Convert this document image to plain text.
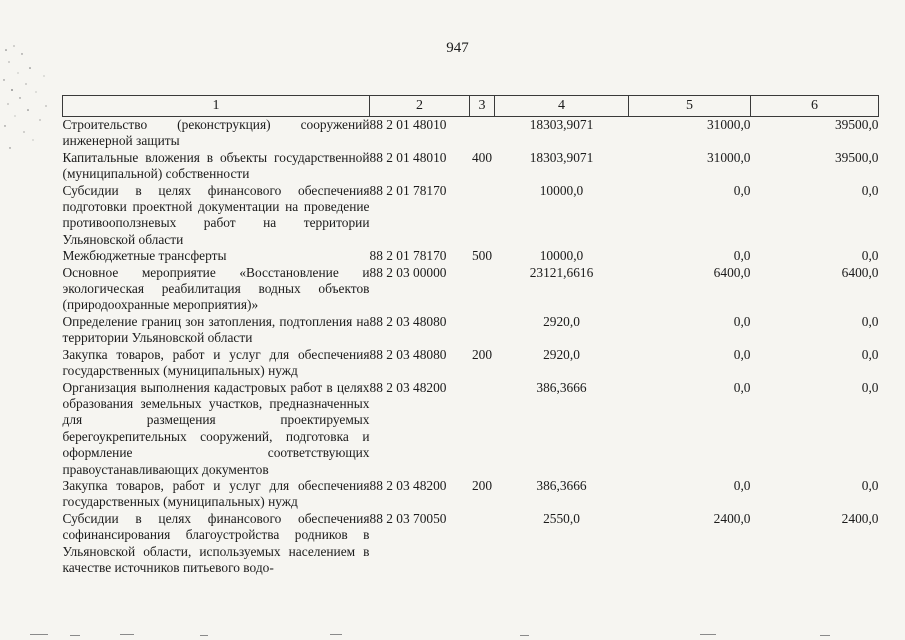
947
1	2	3	4	5	6
Строительство (реконструкция) сооружений инженерной защиты	88 2 01 48010		18303,9071	31000,0	39500,0
Капитальные вложения в объекты государственной (муниципальной) собственности	88 2 01 48010	400	18303,9071	31000,0	39500,0
Субсидии в целях финансового обеспечения подготовки проектной документации на проведение противооползневых работ на территории Ульяновской области	88 2 01 78170		10000,0	0,0	0,0
Межбюджетные трансферты	88 2 01 78170	500	10000,0	0,0	0,0
Основное мероприятие «Восстановление и экологическая реабилитация водных объектов (природоохранные мероприятия)»	88 2 03 00000		23121,6616	6400,0	6400,0
Определение границ зон затопления, подтопления на территории Ульяновской области	88 2 03 48080		2920,0	0,0	0,0
Закупка товаров, работ и услуг для обеспечения государственных (муниципальных) нужд	88 2 03 48080	200	2920,0	0,0	0,0
Организация выполнения кадастровых работ в целях образования земельных участков, предназначенных для размещения проектируемых берегоукрепительных сооружений, подготовка и оформление соответствующих правоустанавливающих документов	88 2 03 48200		386,3666	0,0	0,0
Закупка товаров, работ и услуг для обеспечения государственных (муниципальных) нужд	88 2 03 48200	200	386,3666	0,0	0,0
Субсидии в целях финансового обеспечения софинансирования благоустройства родников в Ульяновской области, используемых населением в качестве источников питьевого водо-	88 2 03 70050		2550,0	2400,0	2400,0
